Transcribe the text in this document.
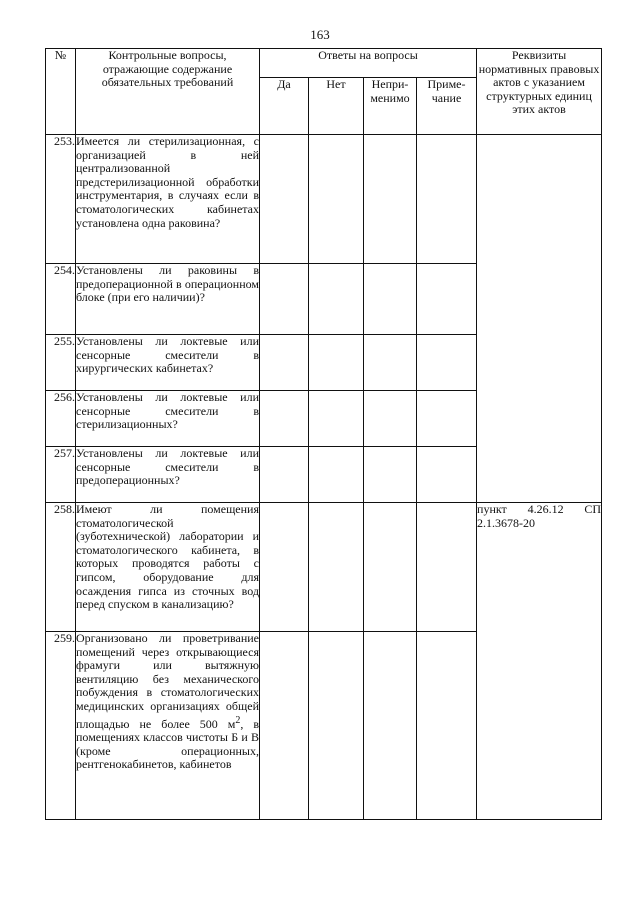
163
№	Контрольные вопросы, отражающие содержание обязательных требований	Ответы на вопросы				Реквизиты нормативных правовых актов с указанием структурных единиц этих актов
		Да	Нет	Непри-менимо	Приме-чание	
253.	Имеется ли стерилизационная, с организацией в ней централизованной предстерилизационной обработки инструментария, в случаях если в стоматологических кабинетах установлена одна раковина?					
254.	Установлены ли раковины в предоперационной в операционном блоке (при его наличии)?					
255.	Установлены ли локтевые или сенсорные смесители в хирургических кабинетах?					
256.	Установлены ли локтевые или сенсорные смесители в стерилизационных?					
257.	Установлены ли локтевые или сенсорные смесители в предоперационных?					
258.	Имеют ли помещения стоматологической (зуботехнической) лаборатории и стоматологического кабинета, в которых проводятся работы с гипсом, оборудование для осаждения гипса из сточных вод перед спуском в канализацию?					пункт 4.26.12 СП 2.1.3678-20
259.	Организовано ли проветривание помещений через открывающиеся фрамуги или вытяжную вентиляцию без механического побуждения в стоматологических медицинских организациях общей площадью не более 500 $м^2$, в помещениях классов чистоты Б и В (кроме операционных, рентгенокабинетов, кабинетов					
